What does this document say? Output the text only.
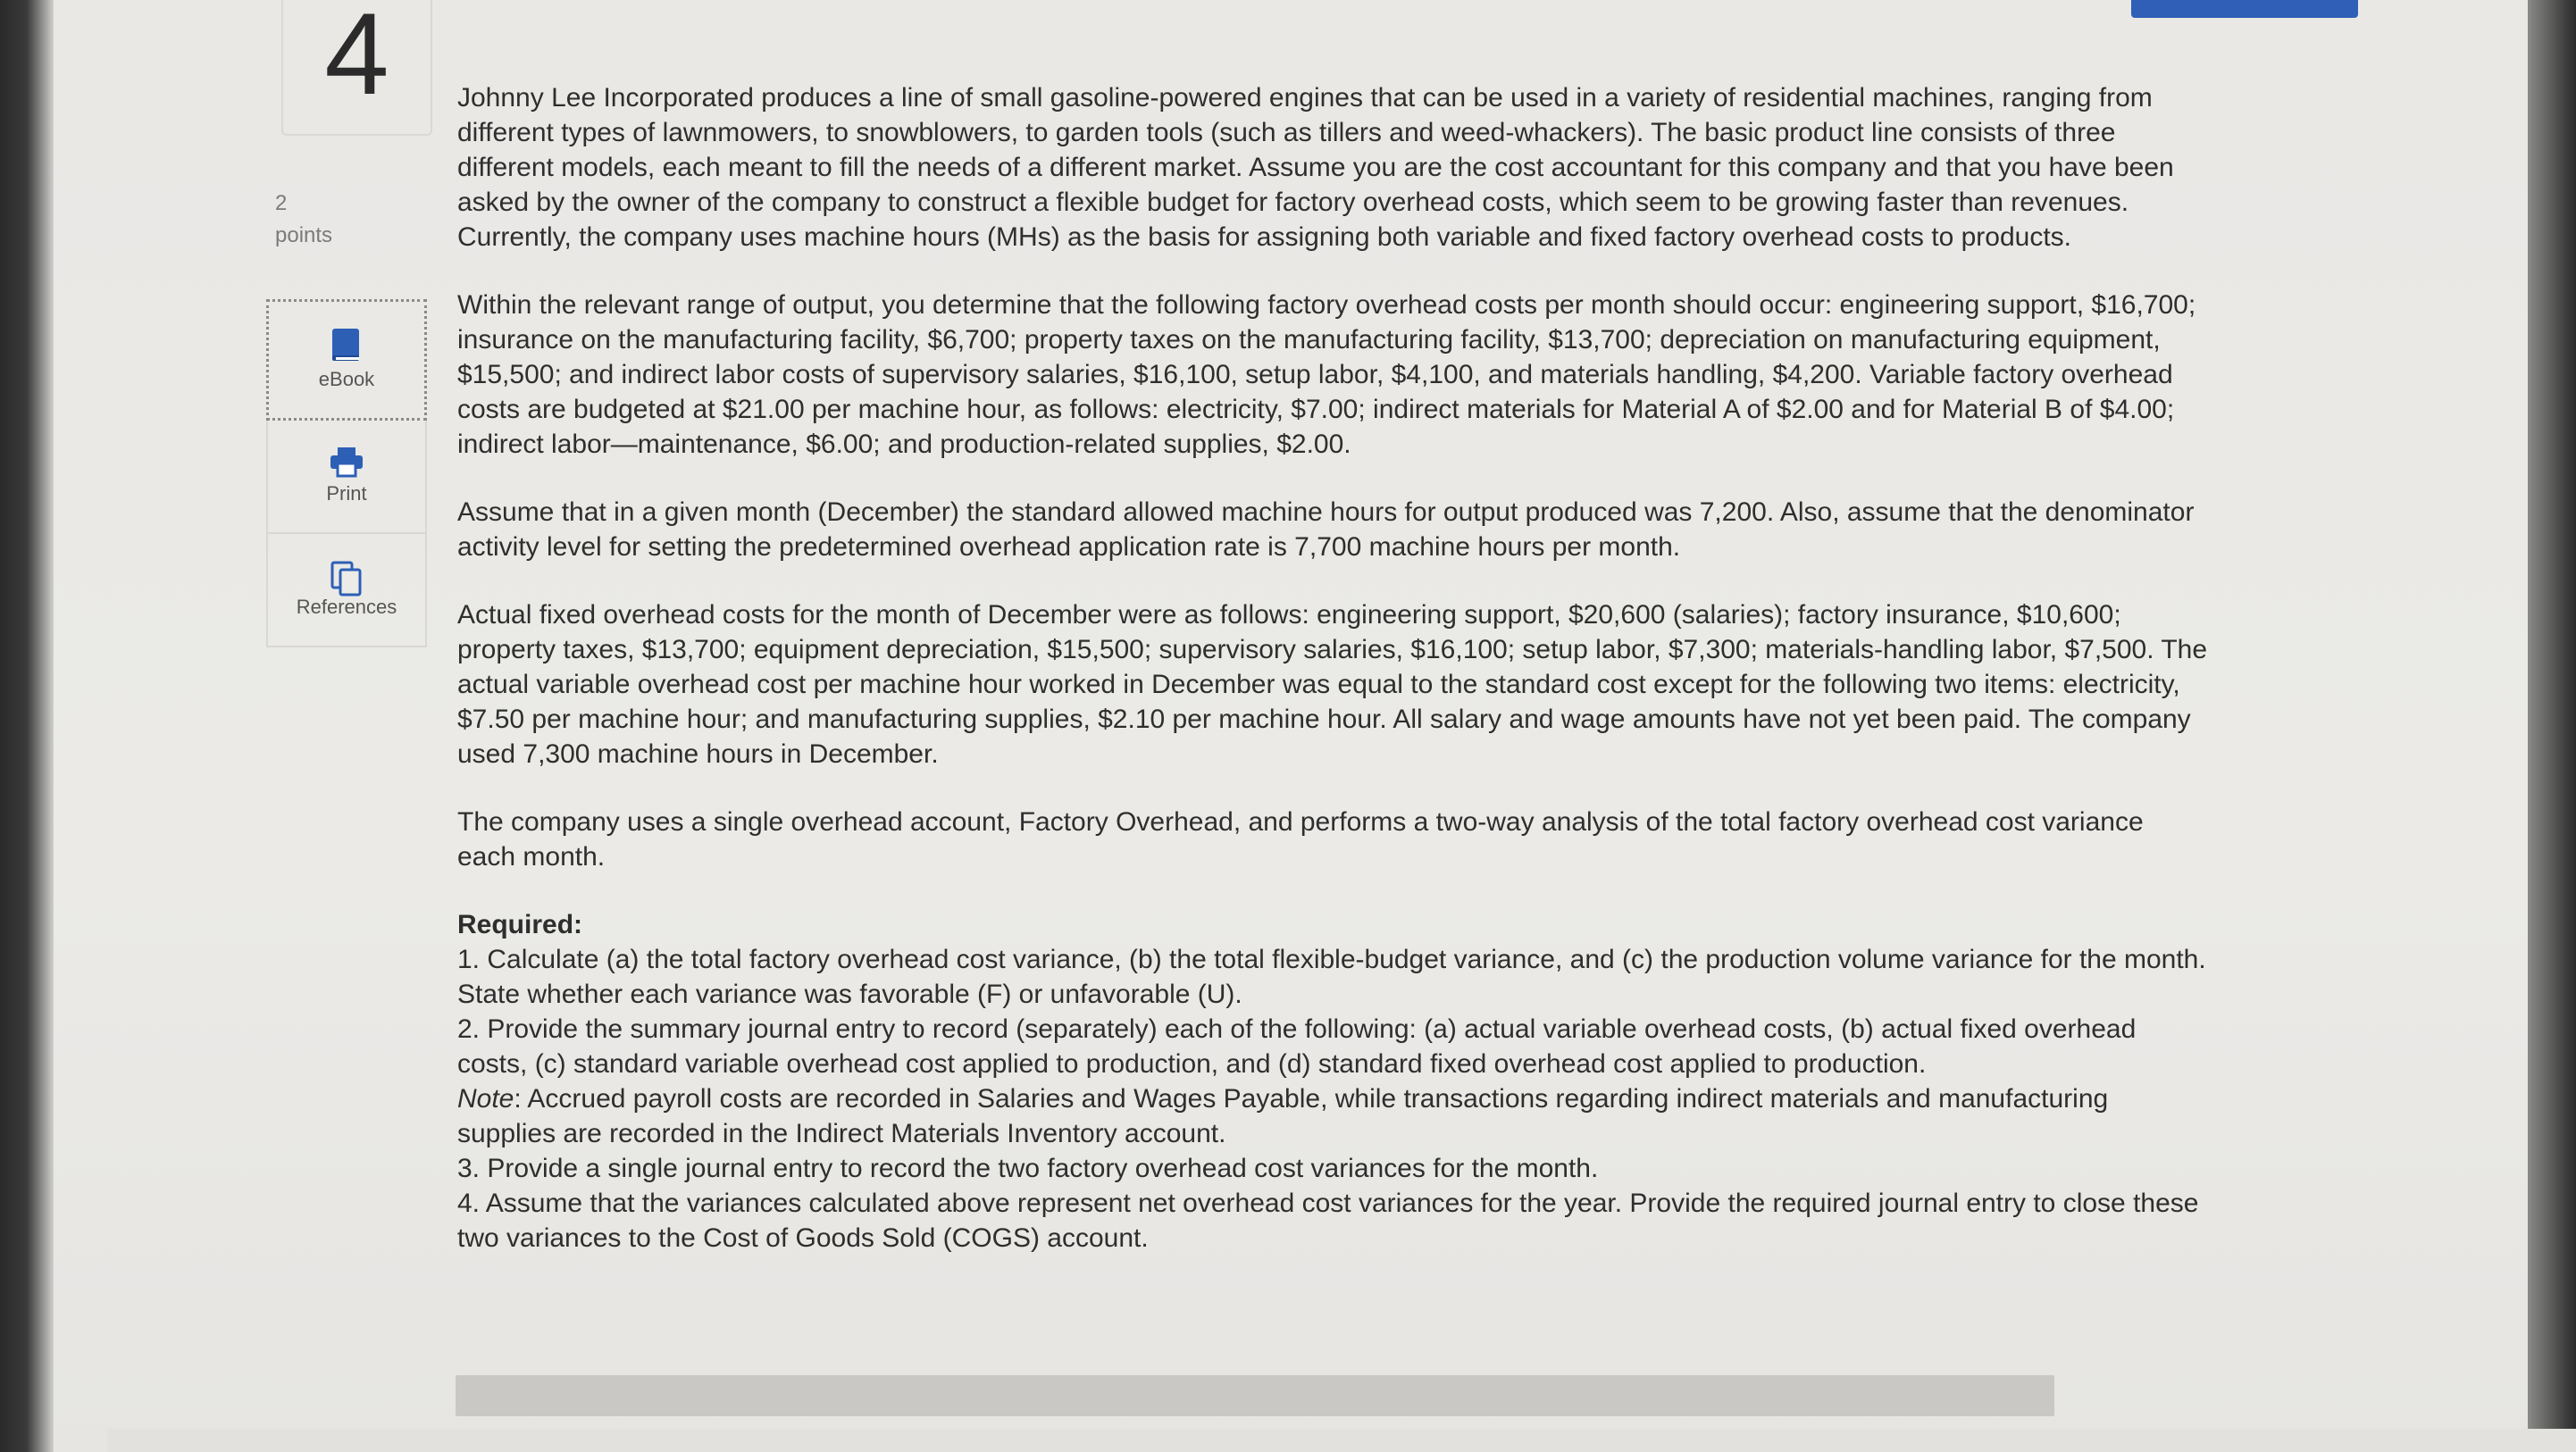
4
2
points
eBook
Print
References

Johnny Lee Incorporated produces a line of small gasoline-powered engines that can be used in a variety of residential machines, ranging from different types of lawnmowers, to snowblowers, to garden tools (such as tillers and weed-whackers). The basic product line consists of three different models, each meant to fill the needs of a different market. Assume you are the cost accountant for this company and that you have been asked by the owner of the company to construct a flexible budget for factory overhead costs, which seem to be growing faster than revenues. Currently, the company uses machine hours (MHs) as the basis for assigning both variable and fixed factory overhead costs to products.

Within the relevant range of output, you determine that the following factory overhead costs per month should occur: engineering support, $16,700; insurance on the manufacturing facility, $6,700; property taxes on the manufacturing facility, $13,700; depreciation on manufacturing equipment, $15,500; and indirect labor costs of supervisory salaries, $16,100, setup labor, $4,100, and materials handling, $4,200. Variable factory overhead costs are budgeted at $21.00 per machine hour, as follows: electricity, $7.00; indirect materials for Material A of $2.00 and for Material B of $4.00; indirect labor—maintenance, $6.00; and production-related supplies, $2.00.

Assume that in a given month (December) the standard allowed machine hours for output produced was 7,200. Also, assume that the denominator activity level for setting the predetermined overhead application rate is 7,700 machine hours per month.

Actual fixed overhead costs for the month of December were as follows: engineering support, $20,600 (salaries); factory insurance, $10,600; property taxes, $13,700; equipment depreciation, $15,500; supervisory salaries, $16,100; setup labor, $7,300; materials-handling labor, $7,500. The actual variable overhead cost per machine hour worked in December was equal to the standard cost except for the following two items: electricity, $7.50 per machine hour; and manufacturing supplies, $2.10 per machine hour. All salary and wage amounts have not yet been paid. The company used 7,300 machine hours in December.

The company uses a single overhead account, Factory Overhead, and performs a two-way analysis of the total factory overhead cost variance each month.

Required:
1. Calculate (a) the total factory overhead cost variance, (b) the total flexible-budget variance, and (c) the production volume variance for the month. State whether each variance was favorable (F) or unfavorable (U).
2. Provide the summary journal entry to record (separately) each of the following: (a) actual variable overhead costs, (b) actual fixed overhead costs, (c) standard variable overhead cost applied to production, and (d) standard fixed overhead cost applied to production.
Note: Accrued payroll costs are recorded in Salaries and Wages Payable, while transactions regarding indirect materials and manufacturing supplies are recorded in the Indirect Materials Inventory account.
3. Provide a single journal entry to record the two factory overhead cost variances for the month.
4. Assume that the variances calculated above represent net overhead cost variances for the year. Provide the required journal entry to close these two variances to the Cost of Goods Sold (COGS) account.
